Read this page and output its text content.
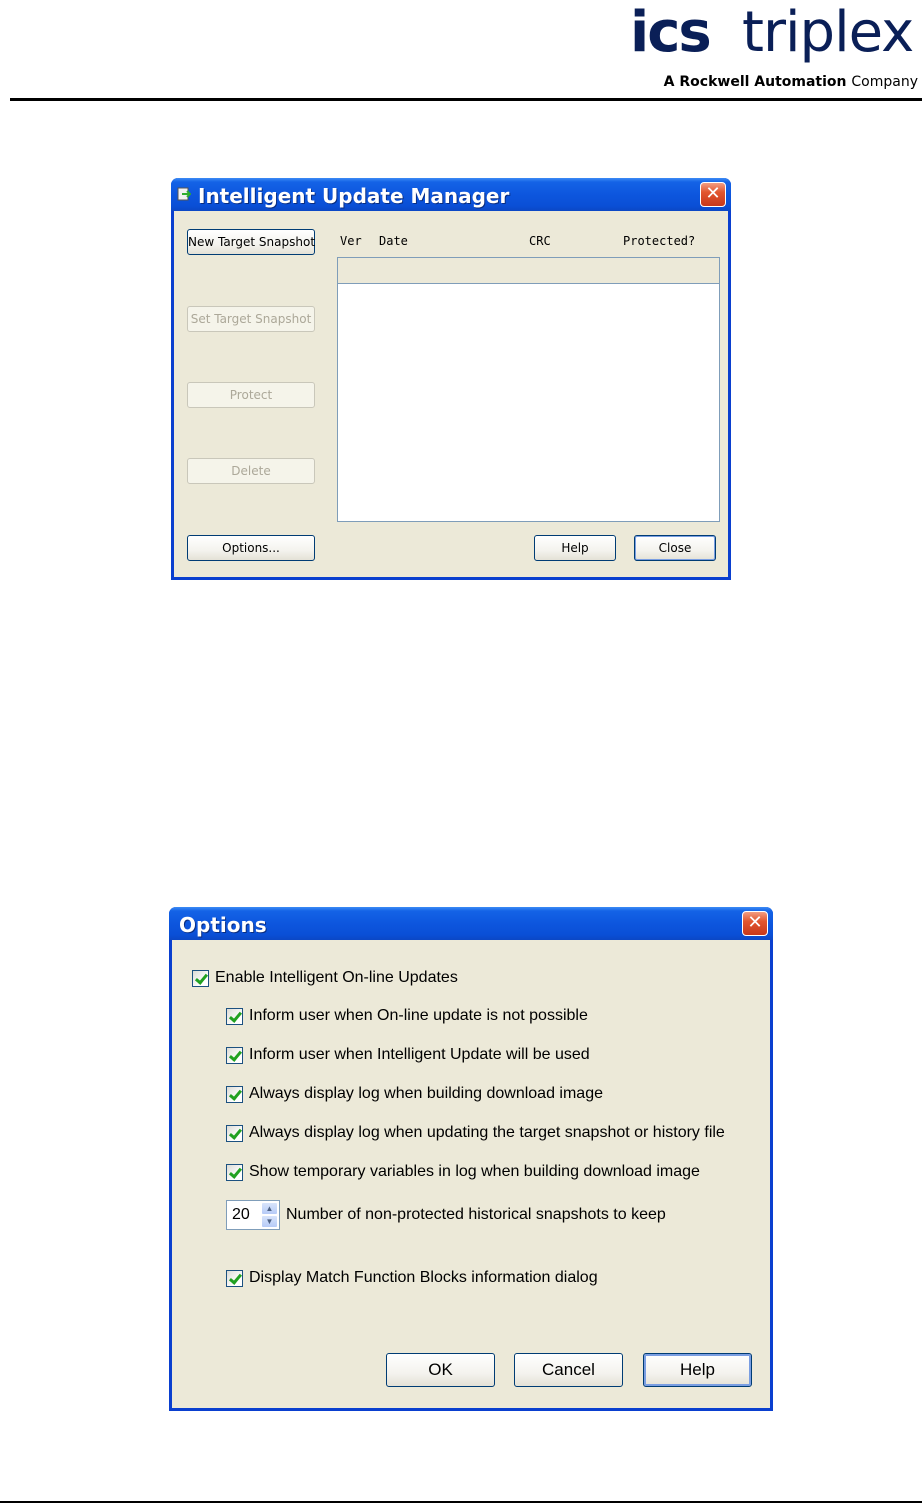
ics triplex
A Rockwell Automation Company
Intelligent Update Manager	✕
New Target Snapshot
Set Target Snapshot
Protect
Delete
Options...	Help	Close
Ver Date	CRC	Protected?
Options	✕
Enable Intelligent On-line Updates
Inform user when On-line update is not possible
Inform user when Intelligent Update will be used
Always display log when building download image
Always display log when updating the target snapshot or history file
Show temporary variables in log when building download image
20	▲
▼ Number of non-protected historical snapshots to keep
Display Match Function Blocks information dialog
OK	Cancel	Help
